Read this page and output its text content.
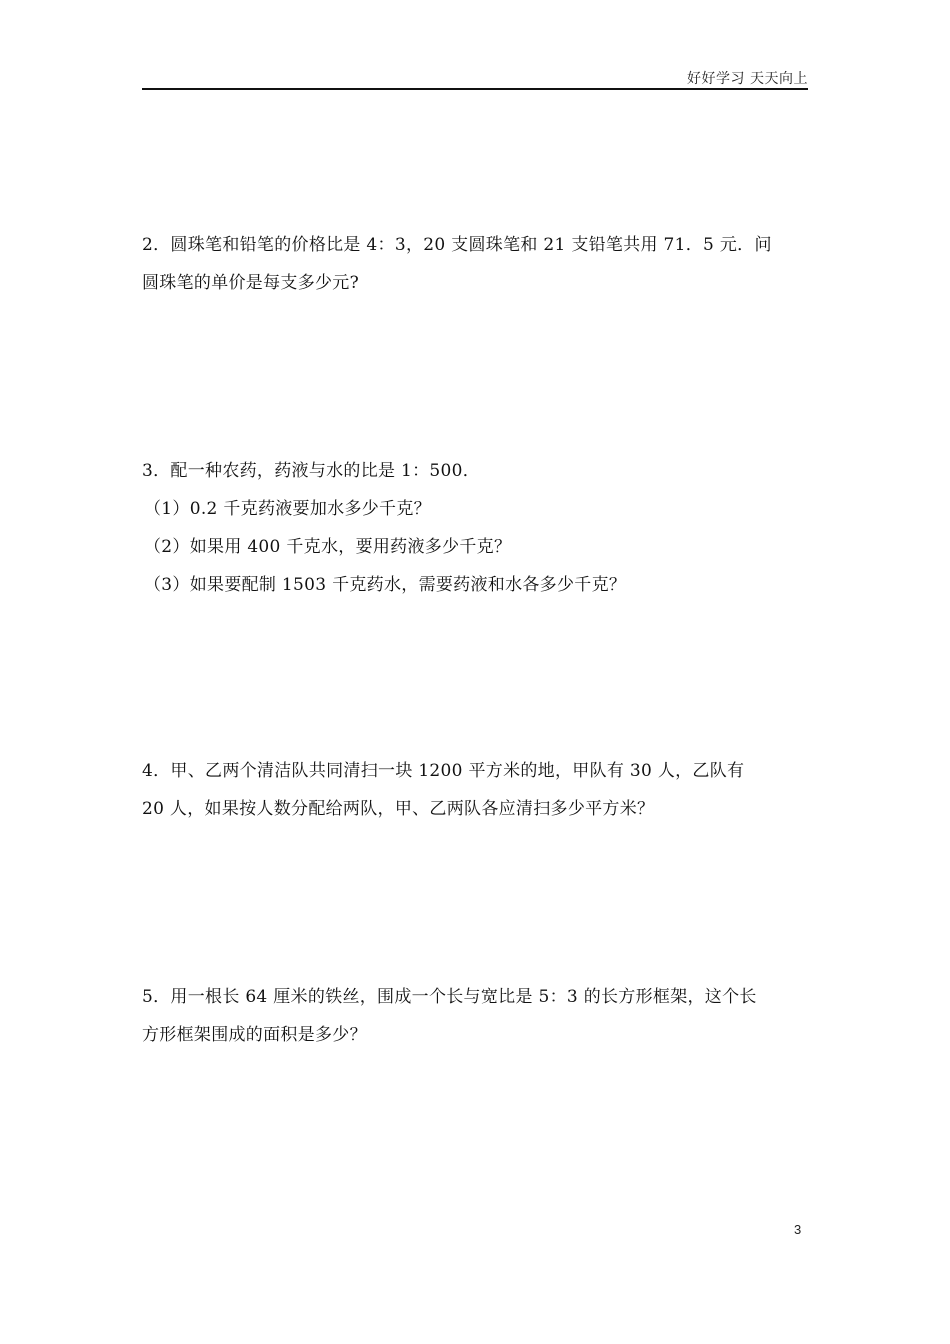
好好学习 天天向上

2．圆珠笔和铅笔的价格比是 4：3，20 支圆珠笔和 21 支铅笔共用 71．5 元．问

圆珠笔的单价是每支多少元?

3．配一种农药，药液与水的比是 1：500．

（1）0.2 千克药液要加水多少千克？

（2）如果用 400 千克水，要用药液多少千克？

（3）如果要配制 1503 千克药水，需要药液和水各多少千克？

4．甲、乙两个清洁队共同清扫一块 1200 平方米的地，甲队有 30 人，乙队有

20 人，如果按人数分配给两队，甲、乙两队各应清扫多少平方米？

5．用一根长 64 厘米的铁丝，围成一个长与宽比是 5：3 的长方形框架，这个长

方形框架围成的面积是多少？

3
